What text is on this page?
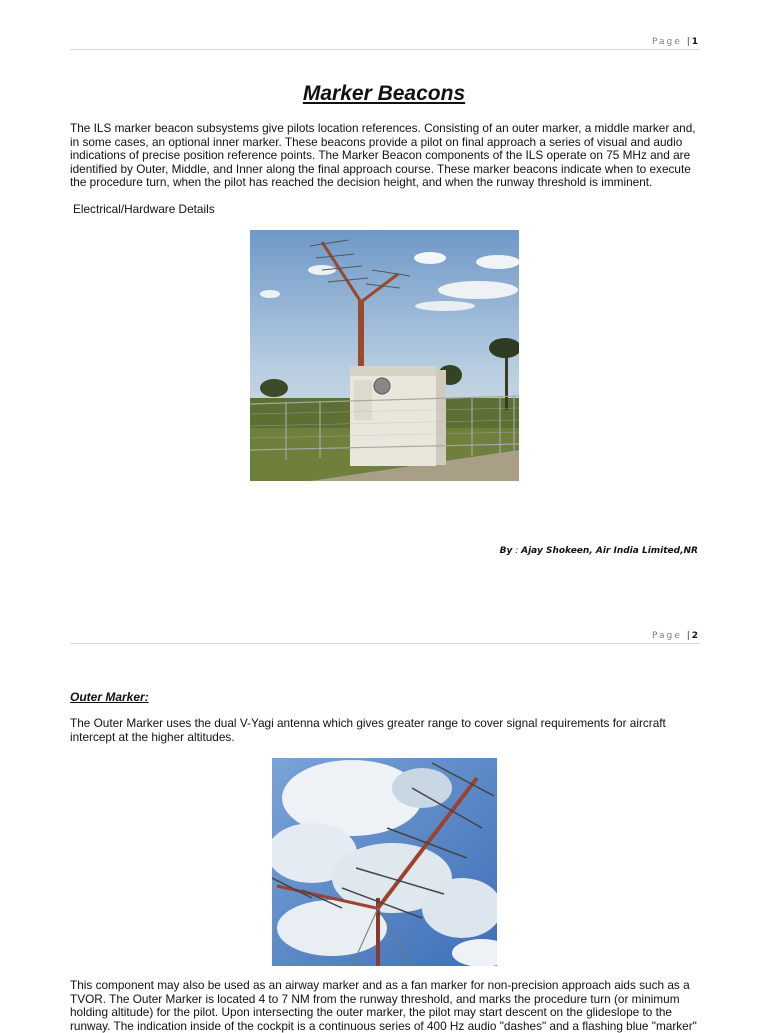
Page | 1
Marker Beacons
The ILS marker beacon subsystems give pilots location references. Consisting of an outer marker, a middle marker and, in some cases, an optional inner marker. These beacons provide a pilot on final approach a series of visual and audio indications of precise position reference points. The Marker Beacon components of the ILS operate on 75 MHz and are identified by Outer, Middle, and Inner along the final approach course. These marker beacons indicate when to execute the procedure turn, when the pilot has reached the decision height, and when the runway threshold is imminent.
Electrical/Hardware Details
By : Ajay Shokeen, Air India Limited,NR
Page | 2
Outer Marker:
The Outer Marker uses the dual V-Yagi antenna which gives greater range to cover signal requirements for aircraft intercept at the higher altitudes.
This component may also be used as an airway marker and as a fan marker for non-precision approach aids such as a TVOR. The Outer Marker is located 4 to 7 NM from the runway threshold, and marks the procedure turn (or minimum holding altitude) for the pilot. Upon intersecting the outer marker, the pilot may start descent on the glideslope to the runway. The indication inside of the cockpit is a continuous series of 400 Hz audio "dashes" and a flashing blue "marker"
